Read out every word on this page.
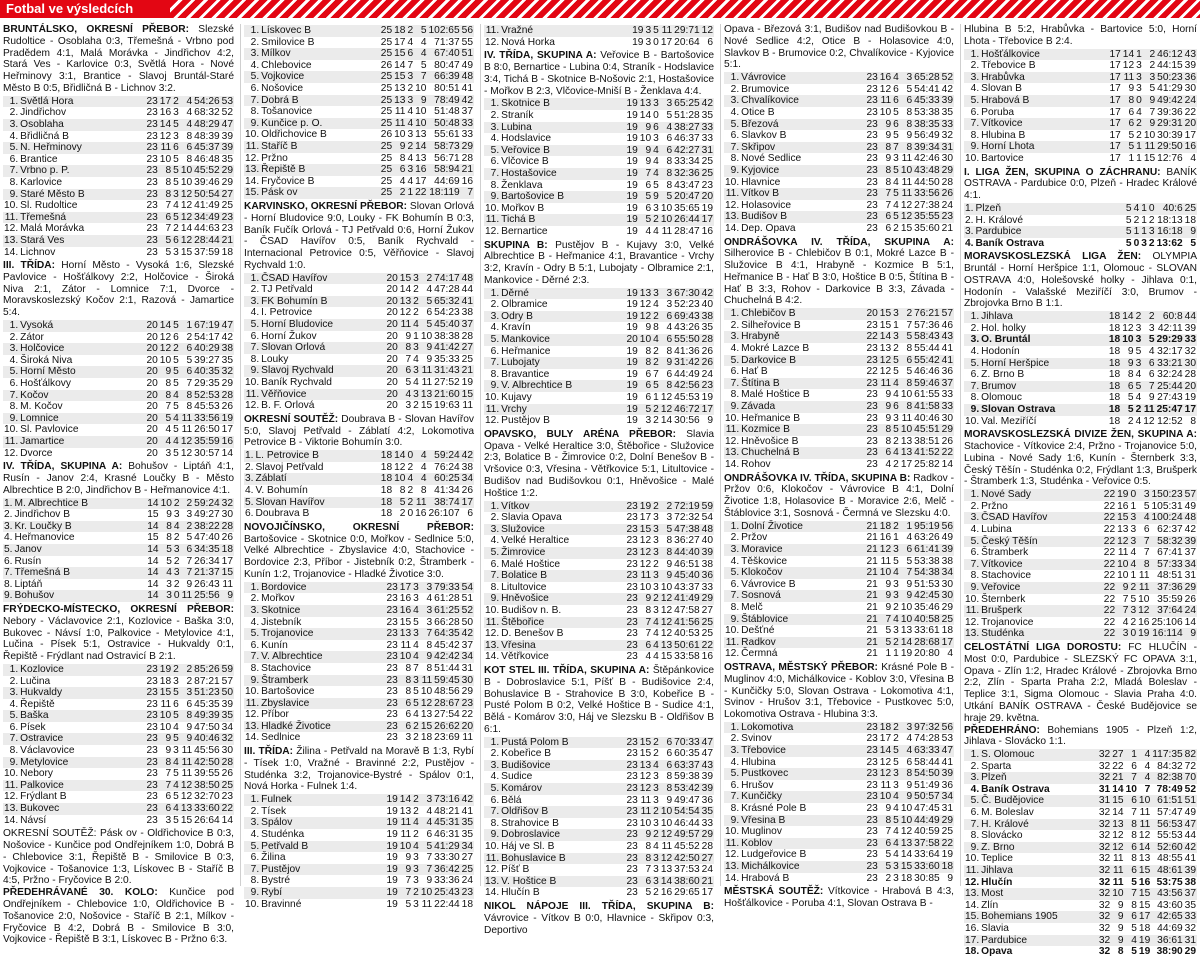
Fotbal ve výsledcích

BRUNTÁLSKO, OKRESNÍ PŘEBOR: Slezské Rudoltice - Osoblaha 0:3, Třemešná - Vrbno pod Pradědem 4:1, Malá Morávka - Jindřichov 4:2, Stará Ves - Karlovice 0:3, Světlá Hora - Nové Heřminovy 3:1, Brantice - Slavoj Bruntál-Staré Město B 0:5, Břidličná B - Lichnov 3:2.

1.	Světlá Hora	23	17	2	4	54:26	53
2.	Jindřichov	23	16	3	4	68:32	52
3.	Osoblaha	23	14	5	4	48:29	47
4.	Břidličná B	23	12	3	8	48:39	39
5.	N. Heřminovy	23	11	6	6	45:37	39
6.	Brantice	23	10	5	8	46:48	35
7.	Vrbno p. P.	23	8	5	10	45:52	29
8.	Karlovice	23	8	5	10	39:46	29
9.	Staré Město B	23	8	3	12	50:54	27
10.	Sl. Rudoltice	23	7	4	12	41:49	25
11.	Třemešná	23	6	5	12	34:49	23
12.	Malá Morávka	23	7	2	14	44:63	23
13.	Stará Ves	23	5	6	12	28:44	21
14.	Lichnov	23	5	3	15	37:59	18

III. TŘÍDA: Horní Město - Vysoká 1:6, Slezské Pavlovice - Hošťálkovy 2:2, Holčovice - Široká Niva 2:1, Zátor - Lomnice 7:1, Dvorce - Moravskoslezský Kočov 2:1, Razová - Jamartice 5:4.

1.	Vysoká	20	14	5	1	67:19	47
2.	Zátor	20	12	6	2	54:17	42
3.	Holčovice	20	12	2	6	40:29	38
4.	Široká Niva	20	10	5	5	39:27	35
5.	Horní Město	20	9	5	6	40:35	32
6.	Hošťálkovy	20	8	5	7	29:35	29
7.	Kočov	20	8	4	8	52:53	28
8.	M. Kočov	20	7	5	8	45:53	26
9.	Lomnice	20	5	4	11	33:56	19
10.	Sl. Pavlovice	20	4	5	11	26:50	17
11.	Jamartice	20	4	4	12	35:59	16
12.	Dvorce	20	3	5	12	30:57	14

IV. TŘÍDA, SKUPINA A: Bohušov - Liptáň 4:1, Rusín - Janov 2:4, Krasné Loučky B - Město Albrechtice B 2:0, Jindřichov B - Heřmanovice 4:1.

1.	M. Albrechtice B	14	10	2	2	59:24	32
2.	Jindřichov B	15	9	3	3	49:27	30
3.	Kr. Loučky B	14	8	4	2	38:22	28
4.	Heřmanovice	15	8	2	5	47:40	26
5.	Janov	14	5	3	6	34:35	18
6.	Rusín	14	5	2	7	26:34	17
7.	Třemešná B	14	4	3	7	21:37	15
8.	Liptáň	14	3	2	9	26:43	11
9.	Bohušov	14	3	0	11	25:56	9

FRÝDECKO-MÍSTECKO, OKRESNÍ PŘEBOR: Nebory - Václavovice 2:1, Kozlovice - Baška 3:0, Bukovec - Návsí 1:0, Palkovice - Metylovice 4:1, Lučina - Písek 5:1, Ostravice - Hukvaldy 0:1, Řepiště - Frýdlant nad Ostravicí B 2:1.

1.	Kozlovice	23	19	2	2	85:26	59
2.	Lučina	23	18	3	2	87:21	57
3.	Hukvaldy	23	15	5	3	51:23	50
4.	Řepiště	23	11	6	6	45:35	39
5.	Baška	23	10	5	8	49:39	35
6.	Písek	23	10	4	9	47:50	34
7.	Ostravice	23	9	5	9	40:46	32
8.	Václavovice	23	9	3	11	45:56	30
9.	Metylovice	23	8	4	11	42:50	28
10.	Nebory	23	7	5	11	39:55	26
11.	Palkovice	23	7	4	12	38:50	25
12.	Frýdlant B	23	6	5	12	32:70	23
13.	Bukovec	23	6	4	13	33:60	22
14.	Návsí	23	3	5	15	26:64	14

OKRESNÍ SOUTĚŽ: Pásk ov - Oldřichovice B 0:3, Nošovice - Kunčice pod Ondřejníkem 1:0, Dobrá B - Chlebovice 3:1, Řepiště B - Smilovice B 0:3, Vojkovice - Tošanovice 1:3, Lískovec B - Staříč B 4:5, Pržno - Fryčovice B 2:0.

PŘEDEHRÁVANÉ 30. KOLO: Kunčice pod Ondřejníkem - Chlebovice 1:0, Oldřichovice B - Tošanovice 2:0, Nošovice - Staříč B 2:1, Mílkov - Fryčovice B 4:2, Dobrá B - Smilovice B 3:0, Vojkovice - Řepiště B 3:1, Lískovec B - Pržno 6:3.

1.	Lískovec B	25	18	2	5	102:65	56
2.	Smilovice B	25	17	4	4	71:37	55
3.	Mílkov	25	15	6	4	67:40	51
4.	Chlebovice	26	14	7	5	80:47	49
5.	Vojkovice	25	15	3	7	66:39	48
6.	Nošovice	25	13	2	10	80:51	41
7.	Dobrá B	25	13	3	9	78:49	42
8.	Tošanovice	25	11	4	10	51:48	37
9.	Kunčice p. O.	25	11	4	10	50:48	33
10.	Oldřichovice B	26	10	3	13	55:61	33
11.	Staříč B	25	9	2	14	58:73	29
12.	Pržno	25	8	4	13	56:71	28
13.	Řepiště B	25	6	3	16	58:94	21
14.	Fryčovice B	25	4	4	17	44:69	16
15.	Pásk ov	25	2	1	22	18:119	7

KARVINSKO, OKRESNÍ PŘEBOR: Slovan Orlová - Horní Bludovice 9:0, Louky - FK Bohumín B 0:3, Baník Fučík Orlová - TJ Petřvald 0:6, Horní Žukov - ČSAD Havířov 0:5, Baník Rychvald - Internacional Petrovice 0:5, Věřňovice - Slavoj Rychvald 1:0.

1.	ČSAD Havířov	20	15	3	2	74:17	48
2.	TJ Petřvald	20	14	2	4	47:28	44
3.	FK Bohumín B	20	13	2	5	65:32	41
4.	I. Petrovice	20	12	2	6	54:23	38
5.	Horní Bludovice	20	11	4	5	45:40	37
6.	Horní Žukov	20	9	1	10	38:38	28
7.	Slovan Orlová	20	8	3	9	41:42	27
8.	Louky	20	7	4	9	35:33	25
9.	Slavoj Rychvald	20	6	3	11	31:43	21
10.	Baník Rychvald	20	5	4	11	27:52	19
11.	Věřňovice	20	4	3	13	21:60	15
12.	B. F. Orlová	20	3	2	15	19:63	11

OKRESNÍ SOUTĚŽ: Doubrava B - Slovan Havířov 5:0, Slavoj Petřvald - Záblatí 4:2, Lokomotiva Petrovice B - Viktorie Bohumín 3:0.

1.	L. Petrovice B	18	14	0	4	59:24	42
2.	Slavoj Petřvald	18	12	2	4	76:24	38
3.	Záblatí	18	10	4	4	60:25	34
4.	V. Bohumín	18	8	2	8	41:34	26
5.	Slovan Havířov	18	5	2	11	38:74	17
6.	Doubrava B	18	2	0	16	26:107	6

NOVOJIČÍNSKO, OKRESNÍ PŘEBOR: Bartošovice - Skotnice 0:0, Mořkov - Sedlnice 5:0, Velké Albrechtice - Zbyslavice 4:0, Stachovice - Bordovice 2:3, Příbor - Jistebník 0:2, Štramberk - Kunín 1:2, Trojanovice - Hladké Životice 3:0.

1.	Bordovice	23	17	3	3	79:33	54
2.	Mořkov	23	16	3	4	61:28	51
3.	Skotnice	23	16	4	3	61:25	52
4.	Jistebník	23	15	5	3	66:28	50
5.	Trojanovice	23	13	3	7	64:35	42
6.	Kunín	23	11	4	8	45:42	37
7.	V. Albrechtice	23	10	4	9	42:42	34
8.	Stachovice	23	8	7	8	51:44	31
9.	Štramberk	23	8	3	11	59:45	30
10.	Bartošovice	23	8	5	10	48:56	29
11.	Zbyslavice	23	6	5	12	28:67	23
12.	Příbor	23	6	4	13	27:54	22
13.	Hladké Životice	23	6	2	15	26:62	20
14.	Sedlnice	23	3	2	18	23:69	11

III. TŘÍDA: Žilina - Petřvald na Moravě B 1:3, Rybí - Tísek 1:0, Vražné - Bravinné 2:2, Pustějov - Studénka 3:2, Trojanovice-Bystré - Spálov 0:1, Nová Horka - Fulnek 1:4.

1.	Fulnek	19	14	2	3	73:16	42
2.	Tísek	19	13	2	4	48:21	41
3.	Spálov	19	11	4	4	45:31	35
4.	Studénka	19	11	2	6	46:31	35
5.	Petřvald B	19	10	4	5	41:29	34
6.	Žilina	19	9	3	7	33:30	27
7.	Pustějov	19	9	3	7	36:42	25
8.	Bystré	19	7	3	9	33:36	24
9.	Rybí	19	7	2	10	25:43	23
10.	Bravinné	19	5	3	11	22:44	18
11.	Vražné	19	3	5	11	29:71	12
12.	Nová Horka	19	3	0	17	20:64	6

IV. TŘÍDA, SKUPINA A: Veřovice B - Bartošovice B 8:0, Bernartice - Lubina 0:4, Straník - Hodslavice 3:4, Tichá B - Skotnice B-Nošovic 2:1, Hostašovice - Mořkov B 2:3, Vlčovice-Mniší B - Ženklava 4:4.

1.	Skotnice B	19	13	3	3	65:25	42
2.	Straník	19	14	0	5	51:28	35
3.	Lubina	19	9	6	4	38:27	33
4.	Hodslavice	19	10	3	6	46:37	33
5.	Veřovice B	19	9	4	6	42:27	31
6.	Vlčovice B	19	9	4	8	33:34	25
7.	Hostašovice	19	7	4	8	32:36	25
8.	Ženklava	19	6	5	8	43:47	23
9.	Bartošovice B	19	5	9	5	20:47	20
10.	Mořkov B	19	6	3	10	35:65	19
11.	Tichá B	19	5	2	10	26:44	17
12.	Bernartice	19	4	4	11	28:47	16

SKUPINA B: Pustějov B - Kujavy 3:0, Velké Albrechtice B - Heřmanice 4:1, Bravantice - Vrchy 3:2, Kravín - Odry B 5:1, Lubojaty - Olbramice 2:1, Mankovice - Děrné 2:3.

1.	Děrné	19	13	3	3	67:30	42
2.	Olbramice	19	12	4	3	52:23	40
3.	Odry B	19	12	2	6	69:43	38
4.	Kravín	19	9	8	4	43:26	35
5.	Mankovice	20	10	4	6	55:50	28
6.	Heřmanice	19	8	2	8	41:36	26
7.	Lubojaty	19	8	2	9	31:42	26
8.	Bravantice	19	6	7	6	44:49	24
9.	V. Albrechtice B	19	6	5	8	42:56	23
10.	Kujavy	19	6	1	12	45:53	19
11.	Vrchy	19	5	2	12	46:72	17
12.	Pustějov B	19	3	2	14	30:56	9

OPAVSKO, BULY ARÉNA PŘEBOR: Slavia Opava - Velké Heraltice 3:0, Štěbořice - Služovice 2:3, Bolatice B - Žimrovice 0:2, Dolní Benešov B - Vršovice 0:3, Vřesina - Větřkovice 5:1, Litultovice - Budišov nad Budišovkou 0:1, Hněvošice - Malé Hoštice 1:2.

1.	Vítkov	23	19	2	2	72:19	59
2.	Slavia Opava	23	17	3	3	72:32	54
3.	Služovice	23	15	3	5	47:38	48
4.	Velké Heraltice	23	12	3	8	36:27	40
5.	Žimrovice	23	12	3	8	44:40	39
6.	Malé Hoštice	23	12	2	9	46:51	38
7.	Bolatice B	23	11	3	9	45:40	36
8.	Litultovice	23	10	3	10	43:37	33
9.	Hněvošice	23	9	2	12	41:49	29
10.	Budišov n. B.	23	8	3	12	47:58	27
11.	Štěbořice	23	7	4	12	41:56	25
12.	D. Benešov B	23	7	4	12	40:53	25
13.	Vřesina	23	6	4	13	50:61	22
14.	Větřkovice	23	4	4	15	33:58	16

KOT STEL III. TŘÍDA, SKUPINA A: Štěpánkovice B - Dobroslavice 5:1, Píšť B - Budišovice 2:4, Bohuslavice B - Strahovice B 3:0, Kobeřice B - Pusté Polom B 0:2, Velké Hoštice B - Sudice 4:1, Bělá - Komárov 3:0, Háj ve Slezsku B - Oldřišov B 6:1.

1.	Pustá Polom B	23	15	2	6	70:33	47
2.	Kobeřice B	23	15	2	6	60:35	47
3.	Budišovice	23	13	4	6	63:37	43
4.	Sudice	23	12	3	8	59:38	39
5.	Komárov	23	12	3	8	53:42	39
6.	Bělá	23	11	3	9	49:47	36
7.	Oldřišov B	23	11	2	10	54:54	35
8.	Strahovice B	23	10	3	10	46:44	33
9.	Dobroslavice	23	9	2	12	49:57	29
10.	Háj ve Sl. B	23	8	4	11	45:52	28
11.	Bohuslavice B	23	8	3	12	42:50	27
12.	Píšť B	23	7	3	13	37:53	24
13.	V. Hoštice B	23	6	3	14	38:60	21
14.	Hlučín B	23	5	2	16	29:65	17

NIKOL NÁPOJE III. TŘÍDA, SKUPINA B: Vávrovice - Vítkov B 0:0, Hlavnice - Skřipov 0:3, Deportivo

Opava - Březová 3:1, Budišov nad Budišovkou B - Nové Sedlice 4:2, Otice B - Holasovice 4:0, Slavkov B - Brumovice 0:2, Chvalíkovice - Kyjovice 5:1.

1.	Vávrovice	23	16	4	3	65:28	52
2.	Brumovice	23	12	6	5	54:41	42
3.	Chvalíkovice	23	11	6	6	45:33	39
4.	Otice B	23	10	5	8	53:38	35
5.	Březová	23	9	6	8	38:35	33
6.	Slavkov B	23	9	5	9	56:49	32
7.	Skřipov	23	8	7	8	39:34	31
8.	Nové Sedlice	23	9	3	11	42:46	30
9.	Kyjovice	23	8	5	10	43:48	29
10.	Hlavnice	23	8	4	11	44:50	28
11.	Vítkov B	23	7	5	11	33:56	26
12.	Holasovice	23	7	4	12	27:38	24
13.	Budišov B	23	6	5	12	35:55	23
14.	Dep. Opava	23	6	2	15	35:60	21

ONDRÁŠOVKA IV. TŘÍDA, SKUPINA A: Silherovice B - Chlebičov B 0:1, Mokré Lazce B - Služovice B 4:1, Hrabyně - Kozmice B 5:1, Heřmanice B - Hať B 3:0, Hoštice B 0:5, Štítina B - Hať B 3:3, Rohov - Darkovice B 3:3, Závada - Chuchelná B 4:2.

1.	Chlebičov B	20	15	3	2	76:21	57
2.	Silheřovice B	23	15	1	7	57:36	46
3.	Hrabyně	22	14	3	5	58:43	43
4.	Mokré Lazce B	23	13	2	8	55:44	41
5.	Darkovice B	23	12	5	6	55:42	41
6.	Hať B	22	12	5	5	46:46	36
7.	Štítina B	23	11	4	8	59:46	37
8.	Malé Hoštice B	23	9	4	10	61:55	33
9.	Závada	23	9	6	8	41:58	33
10.	Heřmanice B	23	9	3	11	40:46	30
11.	Kozmice B	23	8	5	10	45:51	29
12.	Hněvošice B	23	8	2	13	38:51	26
13.	Chuchelná B	23	6	4	13	41:52	22
14.	Rohov	23	4	2	17	25:82	14

ONDRÁŠOVKA IV. TŘÍDA, SKUPINA B: Radkov - Pržov 0:6, Klokočov - Vávrovice B 4:1, Dolní Životice 1:8, Holasovice B - Moravice 2:6, Melč - Štáblovice 3:1, Sosnová - Čermná ve Slezsku 4:0.

1.	Dolní Životice	21	18	2	1	95:19	56
2.	Pržov	21	16	1	4	63:26	49
3.	Moravice	21	12	3	6	61:41	39
4.	Těškovice	21	11	5	5	53:38	38
5.	Klokočov	21	10	4	7	54:38	34
6.	Vávrovice B	21	9	3	9	51:53	30
7.	Sosnová	21	9	3	9	42:45	30
8.	Melč	21	9	2	10	35:46	29
9.	Štáblovice	21	7	4	10	40:58	25
10.	Dešťné	21	5	3	13	33:61	18
11.	Radkov	21	5	2	14	28:68	17
12.	Čermná	21	1	1	19	20:80	4

OSTRAVA, MĚSTSKÝ PŘEBOR: Krásné Pole B - Muglinov 4:0, Michálkovice - Koblov 3:0, Vřesina B - Kunčičky 5:0, Slovan Ostrava - Lokomotiva 4:1, Svinov - Hrušov 3:1, Třebovice - Pustkovec 5:0, Lokomotiva Ostrava - Hlubina 3:3.

1.	Lokomotiva	23	18	2	3	97:32	56
2.	Svinov	23	17	2	4	74:28	53
3.	Třebovice	23	14	5	4	63:33	47
4.	Hlubina	23	12	5	6	58:44	41
5.	Pustkovec	23	12	3	8	54:50	39
6.	Hrušov	23	11	3	9	51:49	36
7.	Kunčičky	23	10	4	9	50:57	34
8.	Krásné Pole B	23	9	4	10	47:45	31
9.	Vřesina B	23	8	5	10	44:49	29
10.	Muglinov	23	7	4	12	40:59	25
11.	Koblov	23	6	4	13	37:58	22
12.	Ludgeřovice B	23	5	4	14	33:64	19
13.	Michálkovice	23	5	3	15	33:60	18
14.	Hrabová B	23	2	3	18	30:85	9

MĚSTSKÁ SOUTĚŽ: Vítkovice - Hrabová B 4:3, Hošťálkovice - Poruba 4:1, Slovan Ostrava B -

Hlubina B 5:2, Hrabůvka - Bartovice 5:0, Horní Lhota - Třebovice B 2:4.

1.	Hošťálkovice	17	14	1	2	46:12	43
2.	Třebovice B	17	12	3	2	44:15	39
3.	Hrabůvka	17	11	3	3	50:23	36
4.	Slovan B	17	9	3	5	41:29	30
5.	Hrabová B	17	8	0	9	49:42	24
6.	Poruba	17	6	4	7	39:36	22
7.	Vítkovice	17	6	2	9	29:31	20
8.	Hlubina B	17	5	2	10	30:39	17
9.	Horní Lhota	17	5	1	11	29:50	16
10.	Bartovice	17	1	1	15	12:76	4

I. LIGA ŽEN, SKUPINA O ZÁCHRANU: BANÍK OSTRAVA - Pardubice 0:0, Plzeň - Hradec Králové 4:1.

1.	Plzeň	5	4	1	0	40:6	25
2.	H. Králové	5	2	1	2	18:13	18
3.	Pardubice	5	1	1	3	16:18	9
4.	Baník Ostrava	5	0	3	2	13:62	5

MORAVSKOSLEZSKÁ LIGA ŽEN: OLYMPIA Bruntál - Horní Heršpice 1:1, Olomouc - SLOVAN OSTRAVA 4:0, Holešovské holky - Jihlava 0:1, Hodonín - Valašské Meziříčí 3:0, Brumov - Zbrojovka Brno B 1:1.

1.	Jihlava	18	14	2	2	60:8	44
2.	Hol. holky	18	12	3	3	42:11	39
3.	O. Bruntál	18	10	3	5	29:29	33
4.	Hodonín	18	9	5	4	32:17	32
5.	Horní Heršpice	18	9	3	6	33:21	30
6.	Z. Brno B	18	8	4	6	32:24	28
7.	Brumov	18	6	5	7	25:44	20
8.	Olomouc	18	5	4	9	27:43	19
9.	Slovan Ostrava	18	5	2	11	25:47	17
10.	Val. Meziříčí	18	2	4	12	12:52	8

MORAVSKOSLEZSKÁ DIVIZE ŽEN, SKUPINA A: Stachovice - Vítkovice 2:4, Pržno - Trojanovice 5:0, Lubina - Nové Sady 1:6, Kunín - Šternberk 3:3, Český Těšín - Studénka 0:2, Frýdlant 1:3, Brušperk - Štramberk 1:3, Studénka - Veřovice 0:5.

1.	Nové Sady	22	19	0	3	150:23	57
2.	Pržno	22	16	1	5	105:31	49
3.	ČSAD Havířov	22	15	3	4	100:24	48
4.	Lubina	22	13	3	6	62:37	42
5.	Český Těšín	22	12	3	7	58:32	39
6.	Štramberk	22	11	4	7	67:41	37
7.	Vítkovice	22	10	4	8	57:33	34
8.	Stachovice	22	10	1	11	48:51	31
9.	Veřovice	22	9	2	11	37:36	29
10.	Šternberk	22	7	5	10	35:59	26
11.	Brušperk	22	7	3	12	37:64	24
12.	Trojanovice	22	4	2	16	25:106	14
13.	Studénka	22	3	0	19	16:114	9

CELOSTÁTNÍ LIGA DOROSTU: FC HLUČÍN - Most 0:0, Pardubice - SLEZSKÝ FC OPAVA 3:1, Opava - Zlín 1:2, Hradec Králové - Zbrojovka Brno 2:2, Zlín - Sparta Praha 2:2, Mladá Boleslav - Teplice 3:1, Sigma Olomouc - Slavia Praha 4:0. Utkání BANÍK OSTRAVA - České Budějovice se hraje 29. května.

PŘEDEHRÁNO: Bohemians 1905 - Plzeň 1:2, Jihlava - Slovácko 1:1.

1.	S. Olomouc	32	27	1	4	117:35	82
2.	Sparta	32	22	6	4	84:32	72
3.	Plzeň	32	21	7	4	82:38	70
4.	Baník Ostrava	31	14	10	7	78:49	52
5.	Č. Budějovice	31	15	6	10	61:51	51
6.	M. Boleslav	32	14	7	11	57:47	49
7.	H. Králové	32	13	8	11	56:53	47
8.	Slovácko	32	12	8	12	55:53	44
9.	Z. Brno	32	12	6	14	52:60	42
10.	Teplice	32	11	8	13	48:55	41
11.	Jihlava	32	11	6	15	48:61	39
12.	Hlučín	32	11	5	16	53:75	38
13.	Most	32	10	7	15	43:56	37
14.	Zlín	32	9	8	15	43:60	35
15.	Bohemians 1905	32	9	6	17	42:65	33
16.	Slavia	32	9	5	18	44:69	32
17.	Pardubice	32	9	4	19	36:61	31
18.	Opava	32	8	5	19	38:90	29
